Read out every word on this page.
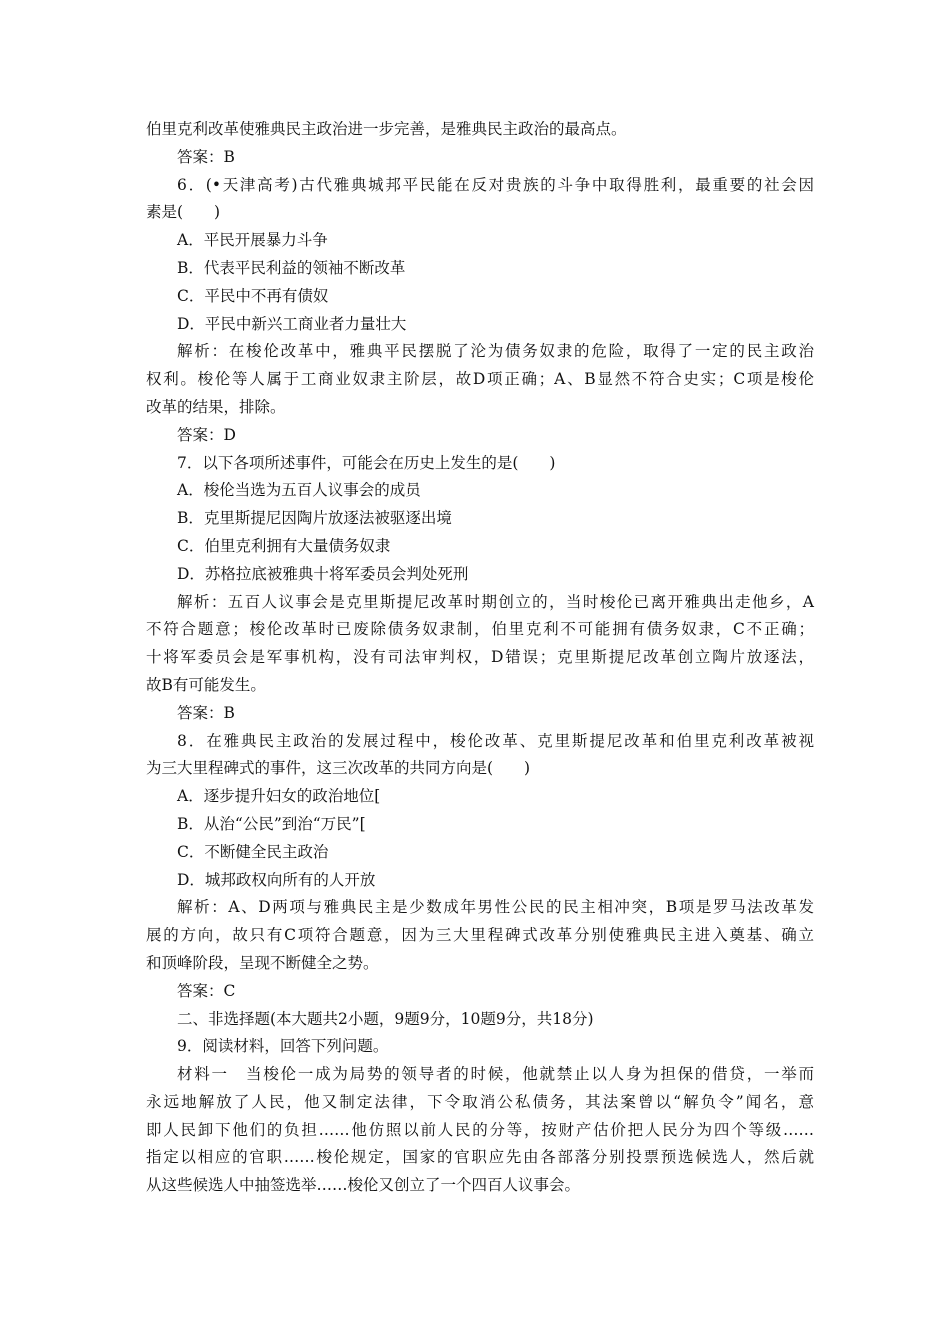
伯里克利改革使雅典民主政治进一步完善，是雅典民主政治的最高点。
答案：B
6．(•天津高考)古代雅典城邦平民能在反对贵族的斗争中取得胜利，最重要的社会因
素是(　　)
A．平民开展暴力斗争
B．代表平民利益的领袖不断改革
C．平民中不再有债奴
D．平民中新兴工商业者力量壮大
解析：在梭伦改革中，雅典平民摆脱了沦为债务奴隶的危险，取得了一定的民主政治
权利。梭伦等人属于工商业奴隶主阶层，故D项正确；A、B显然不符合史实；C项是梭伦
改革的结果，排除。
答案：D
7．以下各项所述事件，可能会在历史上发生的是(　　)
A．梭伦当选为五百人议事会的成员
B．克里斯提尼因陶片放逐法被驱逐出境
C．伯里克利拥有大量债务奴隶
D．苏格拉底被雅典十将军委员会判处死刑
解析：五百人议事会是克里斯提尼改革时期创立的，当时梭伦已离开雅典出走他乡，A
不符合题意；梭伦改革时已废除债务奴隶制，伯里克利不可能拥有债务奴隶，C不正确；
十将军委员会是军事机构，没有司法审判权，D错误；克里斯提尼改革创立陶片放逐法，
故B有可能发生。
答案：B
8．在雅典民主政治的发展过程中，梭伦改革、克里斯提尼改革和伯里克利改革被视
为三大里程碑式的事件，这三次改革的共同方向是(　　)
A．逐步提升妇女的政治地位[
B．从治“公民”到治“万民”[
C．不断健全民主政治
D．城邦政权向所有的人开放
解析：A、D两项与雅典民主是少数成年男性公民的民主相冲突，B项是罗马法改革发
展的方向，故只有C项符合题意，因为三大里程碑式改革分别使雅典民主进入奠基、确立
和顶峰阶段，呈现不断健全之势。
答案：C
二、非选择题(本大题共2小题，9题9分，10题9分，共18分)
9．阅读材料，回答下列问题。
材料一　当梭伦一成为局势的领导者的时候，他就禁止以人身为担保的借贷，一举而
永远地解放了人民，他又制定法律，下令取消公私债务，其法案曾以“解负令”闻名，意
即人民卸下他们的负担……他仿照以前人民的分等，按财产估价把人民分为四个等级……
指定以相应的官职……梭伦规定，国家的官职应先由各部落分别投票预选候选人，然后就
从这些候选人中抽签选举……梭伦又创立了一个四百人议事会。
